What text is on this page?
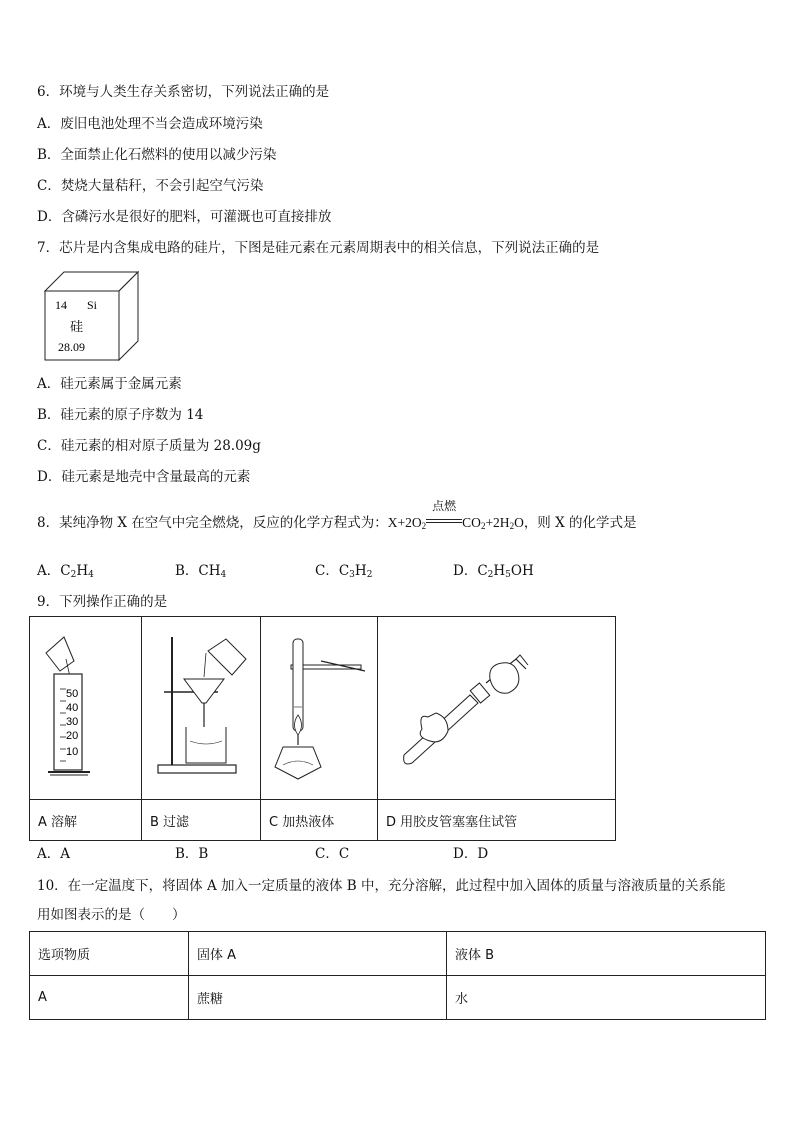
6．环境与人类生存关系密切，下列说法正确的是
A．废旧电池处理不当会造成环境污染
B．全面禁止化石燃料的使用以减少污染
C．焚烧大量秸秆，不会引起空气污染
D．含磷污水是很好的肥料，可灌溉也可直接排放
7．芯片是内含集成电路的硅片，下图是硅元素在元素周期表中的相关信息，下列说法正确的是
14 Si
硅
28.09
A．硅元素属于金属元素
B．硅元素的原子序数为 14
C．硅元素的相对原子质量为 28.09g
D．硅元素是地壳中含量最高的元素
8．某纯净物 X 在空气中完全燃烧，反应的化学方程式为：$X+2O_2$
点燃
$CO_2+2H_2O$，则 X 的化学式是
A．$C_2H_4$	B．$CH_4$	C．$C_3H_2$	D．$C_2H_5OH$
9．下列操作正确的是
50
40
30
20
10

A 溶解	B 过滤	C 加热液体	D 用胶皮管塞塞住试管
A．A	B．B	C．C	D．D
10．在一定温度下，将固体 A 加入一定质量的液体 B 中，充分溶解，此过程中加入固体的质量与溶液质量的关系能
用如图表示的是（　　）
选项物质	固体 A	液体 B
A	蔗糖	水
